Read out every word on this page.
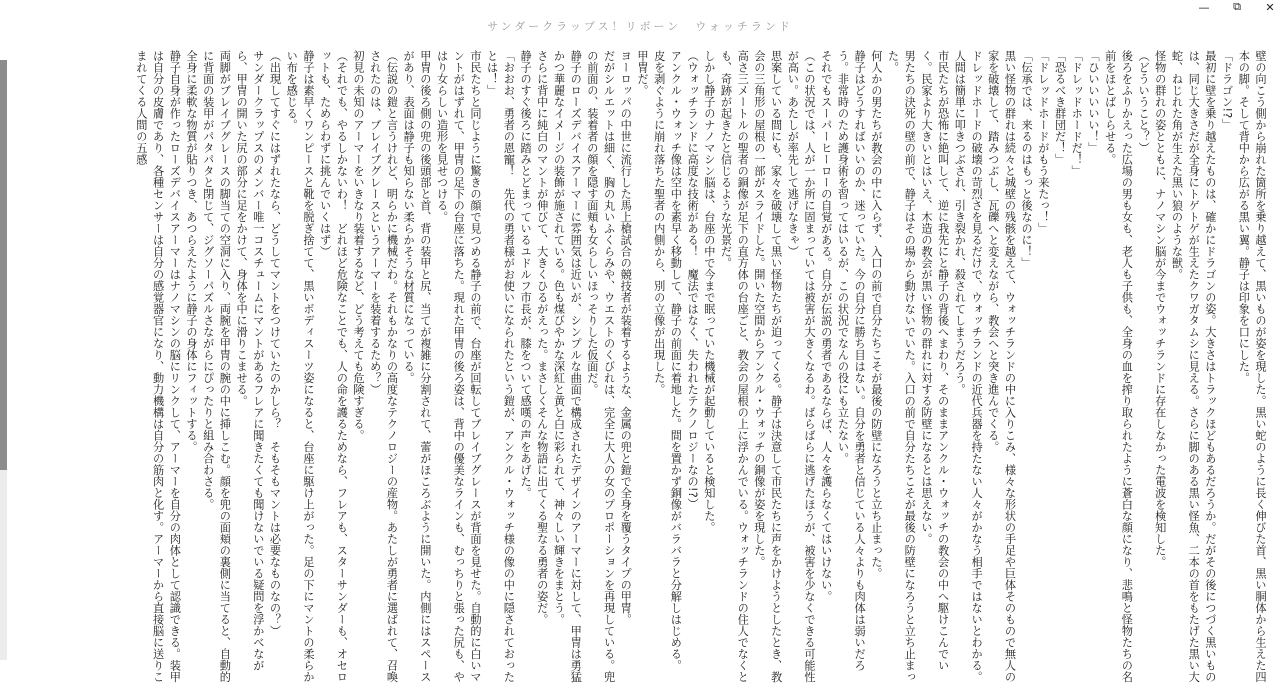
サンダークラップス！リボーン　ウォッチランド
—	⧉	✕

壁の向こう側から崩れた箇所を乗り越えて、黒いものが姿を現した。黒い蛇のように長く伸びた首、黒い胴体から生えた四本の脚。そして背中から広がる黒い翼。静子は印象を口にした。

「ドラゴン!?」

最初に壁を乗り越えたものは、確かにドラゴンの姿。大きさはトラックほどもあるだろうか。だがその後につづく黒いものは、同じ大きさだが全身にトゲトゲが生えたクワガタムシに見える。さらに脚のある黒い怪魚、二本の首をもたげた黒い大蛇、ねじれた角が生えた黒い狼のような獣。

怪物の群れの姿とともに、ナノマシン脳が今までウォッチランドに存在しなかった電波を検知した。

（どういうこと？）

後ろをふりかえった広場の男も女も、老人も子供も、全身の血を搾り取られたように蒼白な顔になり、悲鳴と怪物たちの名前をほとばしらせる。

「ひいいいいい！」

「ドレッドホードだ！」

「恐るべき群団だ！」

「ドレッドホードがもう来たっ！」

「伝承では、来るのはもっと後なのに！」

黒い怪物の群れは続々と城壁の残骸を越えて、ウォッチランドの中に入りこみ、様々な形状の手足や巨体そのもので無人の家を破壊して、踏みつぶし、瓦礫へと変えながら、教会へと突き進んでくる。

ドレッドホードの破壊の苛烈さを見るだけで、ウォッチランドの近代兵器を持たない人々がかなう相手ではないとわかる。人間は簡単に叩きつぶされ、引き裂かれ、殺されてしまうだろう。

市民たちが恐怖に絶叫して、逆に我先にと静子の背後へまわり、そのままアンクル・ウォッチの教会の中へ駆けこんでいく。民家より大きいとはいえ、木造の教会が黒い怪物の群れに対する防壁になるとは思えない。

男たちの決死の壁の前で、静子はその場から動けないでいた。入口の前で自分たちこそが最後の防壁になろうと立ち止まった。

何人かの男たちが教会の中に入らず、入口の前で自分たちこそが最後の防壁になろうと立ち止まった。

静子はどうすればいいのか、迷っていた。今の自分に勝ち目はない。自分を勇者と信じている人々よりも肉体は弱いだろう。非常時のため護身術を習ってはいるが、この状況でなんの役にも立たない。

それでもスーパーヒーローの自覚がある。自分が伝説の勇者であるならば、人々を護らなくてはいけない。

（この状況では、人が一か所に固まっていては被害が大きくなるわ。ばらばらに逃げたほうが、被害を少なくできる可能性が高い。あたしが率先して逃げなきゃ）

思案している間にも、家々を破壊して黒い怪物たちが迫ってくる。静子は決意して市民たちに声をかけようとしたとき、教会の三角形の屋根の一部がスライドした。開いた空間からアンクル・ウォッチの銅像が姿を現した。

高さ三メートルの聖者の銅像が足下の直方体の台座ごと、教会の屋根の上に浮かんでいる。ウォッチランドの住人でなくとも、奇跡が起きたと信じるような光景だ。

しかし静子のナノマシン脳は、台座の中で今まで眠っていた機械が起動していると検知した。

（ウォッチランドに高度な技術がある！　魔法ではなく、失われたテクノロジーなの!?）

アンクル・ウォッチ像は空中を素早く移動して、静子の前面に着地した。間を置かず銅像がバラバラと分解しはじめる。

皮を剥ぐように崩れ落ちた聖者の内側から、別の立像が出現した。

甲冑だ。

ヨーロッパの中世に流行した馬上槍試合の競技者が装着するような、金属の兜と鎧で全身を覆うタイプの甲冑。

だがシルエットは細く、胸の丸いふくらみや、ウエストのくびれは、完全に大人の女のプロポーションを再現している。兜の前面の、装着者の顔を隠す面頬も女らしいほっそりした仮面だ。

静子のローズデバイスアーマーに雰囲気は近いが、シンプルな曲面で構成されたデザインのアーマーに対して、甲冑は勇猛かつ華麗なイメージの装飾が施されている。色も煤びやかな深紅と黄と白に彩られて、神々しい輝きをまとう。

さらに背中に純白のマントが伸びて、大きくひるがえった。まさしくそんな物語に出てくる聖なる勇者の姿だ。

静子のすぐ後ろに踏みとどまっているユドルフ市長が、膝をついて感嘆の声をあげた。

「おおお、勇者の恩寵！　先代の勇者様がお使いになられたという鎧が、アンクル・ウォッチ様の像の中に隠されておったとは！」

市民たちと同じように驚きの顔で見つめる静子の前で、台座が回転してブレイブグレースが背面を見せた。自動的に白いマントがはずれて、甲冑の足下の台座に落ちた。現れた甲冑の後ろ姿は、背中の優美なラインも、むっちりと張った尻も、やはり女らしい造形を見せつける。

甲冑の後ろ側の兜の後頭部と首、背の装甲と尻、当てが複雑に分割されて、蕾がほころぶように開いた。内側にはスペースがあり、表面は静子も知らない柔らかそうな材質になっている。

（伝説の鎧と言うけれど、明らかに機械だわ。それもかなりの高度なテクノロジーの産物。あたしが勇者に選ばれて、召喚されたのは、ブレイブグレースというアーマーを装着するため？）

初見の未知のアーマーをいきなり装着するなど、どう考えても危険すぎる。

（それでも、やるしかないわ！　どれほど危険なことでも、人の命を護るためなら、フレアも、スターサンダーも、オセロットも、ためらわずに挑んでいくはず）

静子は素早くワンピースと靴を脱ぎ捨てて、黒いボディスーツ姿になると、台座に駆け上がった。足の下にマントの柔らかい布を感じる。

（出現してすぐにはずれたなら、どうしてマントをつけていたのかしら？　そもそもマントは必要なものなの？）

サンダークラップスのメンバー唯一コスチュームにマントがあるフレアに聞きたくても聞けないでいる疑問を浮かべながら、甲冑の開いた尻の部分に足をかけて、身体を中に滑りこませる。

両脚がブレイブグレースの脚当ての空洞に入り、両腕を甲冑の腕の中に挿しこむ。顔を兜の面頬の裏側に当てると、自動的に背面の装甲がパタパタと閉じて、ジグソーパズルさながらにぴったりと組み合わさる。

全身に柔軟な物質が貼りつき、あつらえたように静子の身体にフィットする。

静子自身が作ったローズデバイスアーマーはナノマシンの脳にリンクして、アーマーを自分の肉体として認識できる。装甲は自分の皮膚であり、各種センサーは自分の感覚器官になり、動力機構は自分の筋肉と化す。アーマーから直接脳に送りこまれてくる人間の五感
